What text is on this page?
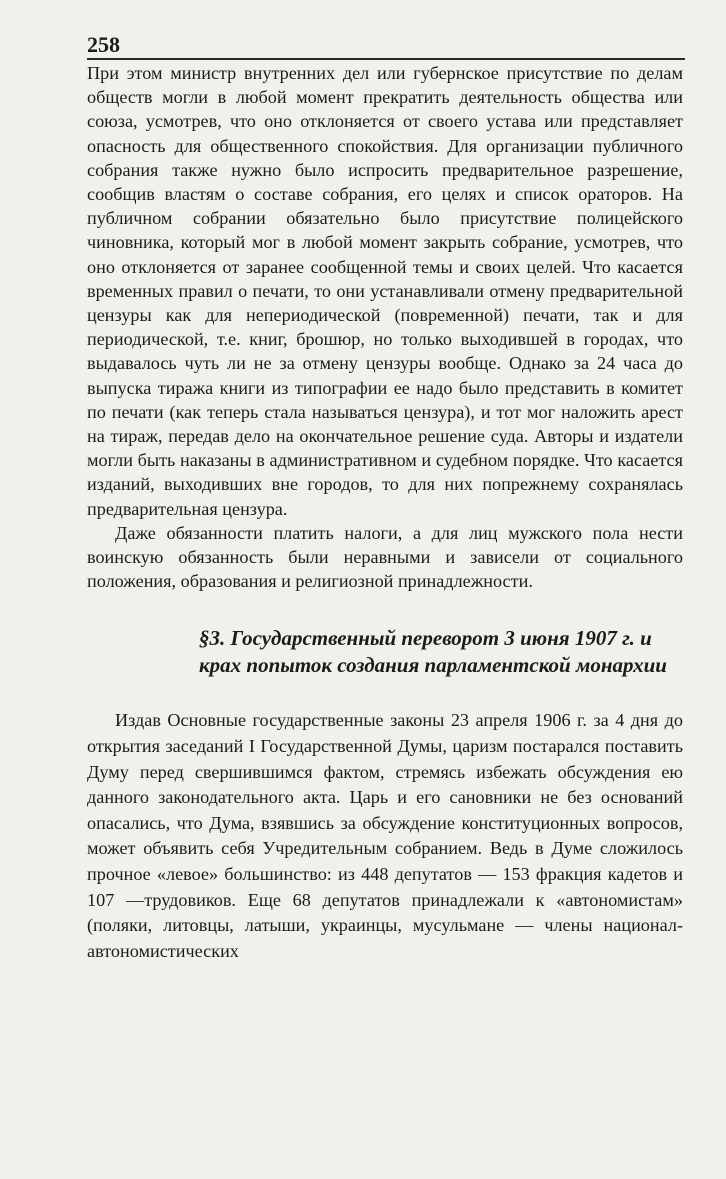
258

При этом министр внутренних дел или губернское присутствие по делам обществ могли в любой момент прекратить деятельность общества или союза, усмотрев, что оно отклоняется от своего устава или представляет опасность для общественного спокойствия. Для организации публичного собрания также нужно было испросить предварительное разрешение, сообщив властям о составе собрания, его целях и список ораторов. На публичном собрании обязательно было присутствие полицейского чиновника, который мог в любой момент закрыть собрание, усмотрев, что оно отклоняется от заранее сообщенной темы и своих целей. Что касается временных правил о печати, то они устанавливали отмену предварительной цензуры как для непериодической (повременной) печати, так и для периодической, т.е. книг, брошюр, но только выходившей в городах, что выдавалось чуть ли не за отмену цензуры вообще. Однако за 24 часа до выпуска тиража книги из типографии ее надо было представить в комитет по печати (как теперь стала называться цензура), и тот мог наложить арест на тираж, передав дело на окончательное решение суда. Авторы и издатели могли быть наказаны в административном и судебном порядке. Что касается изданий, выходивших вне городов, то для них попрежнему сохранялась предварительная цензура.

Даже обязанности платить налоги, а для лиц мужского пола нести воинскую обязанность были неравными и зависели от социального положения, образования и религиозной принадлежности.

§3. Государственный переворот 3 июня 1907 г. и крах попыток создания парламентской монархии

Издав Основные государственные законы 23 апреля 1906 г. за 4 дня до открытия заседаний I Государственной Думы, царизм постарался поставить Думу перед свершившимся фактом, стремясь избежать обсуждения ею данного законодательного акта. Царь и его сановники не без оснований опасались, что Дума, взявшись за обсуждение конституционных вопросов, может объявить себя Учредительным собранием. Ведь в Думе сложилось прочное «левое» большинство: из 448 депутатов — 153 фракция кадетов и 107 —трудовиков. Еще 68 депутатов принадлежали к «автономистам» (поляки, литовцы, латыши, украинцы, мусульмане — члены национал-автономистических
